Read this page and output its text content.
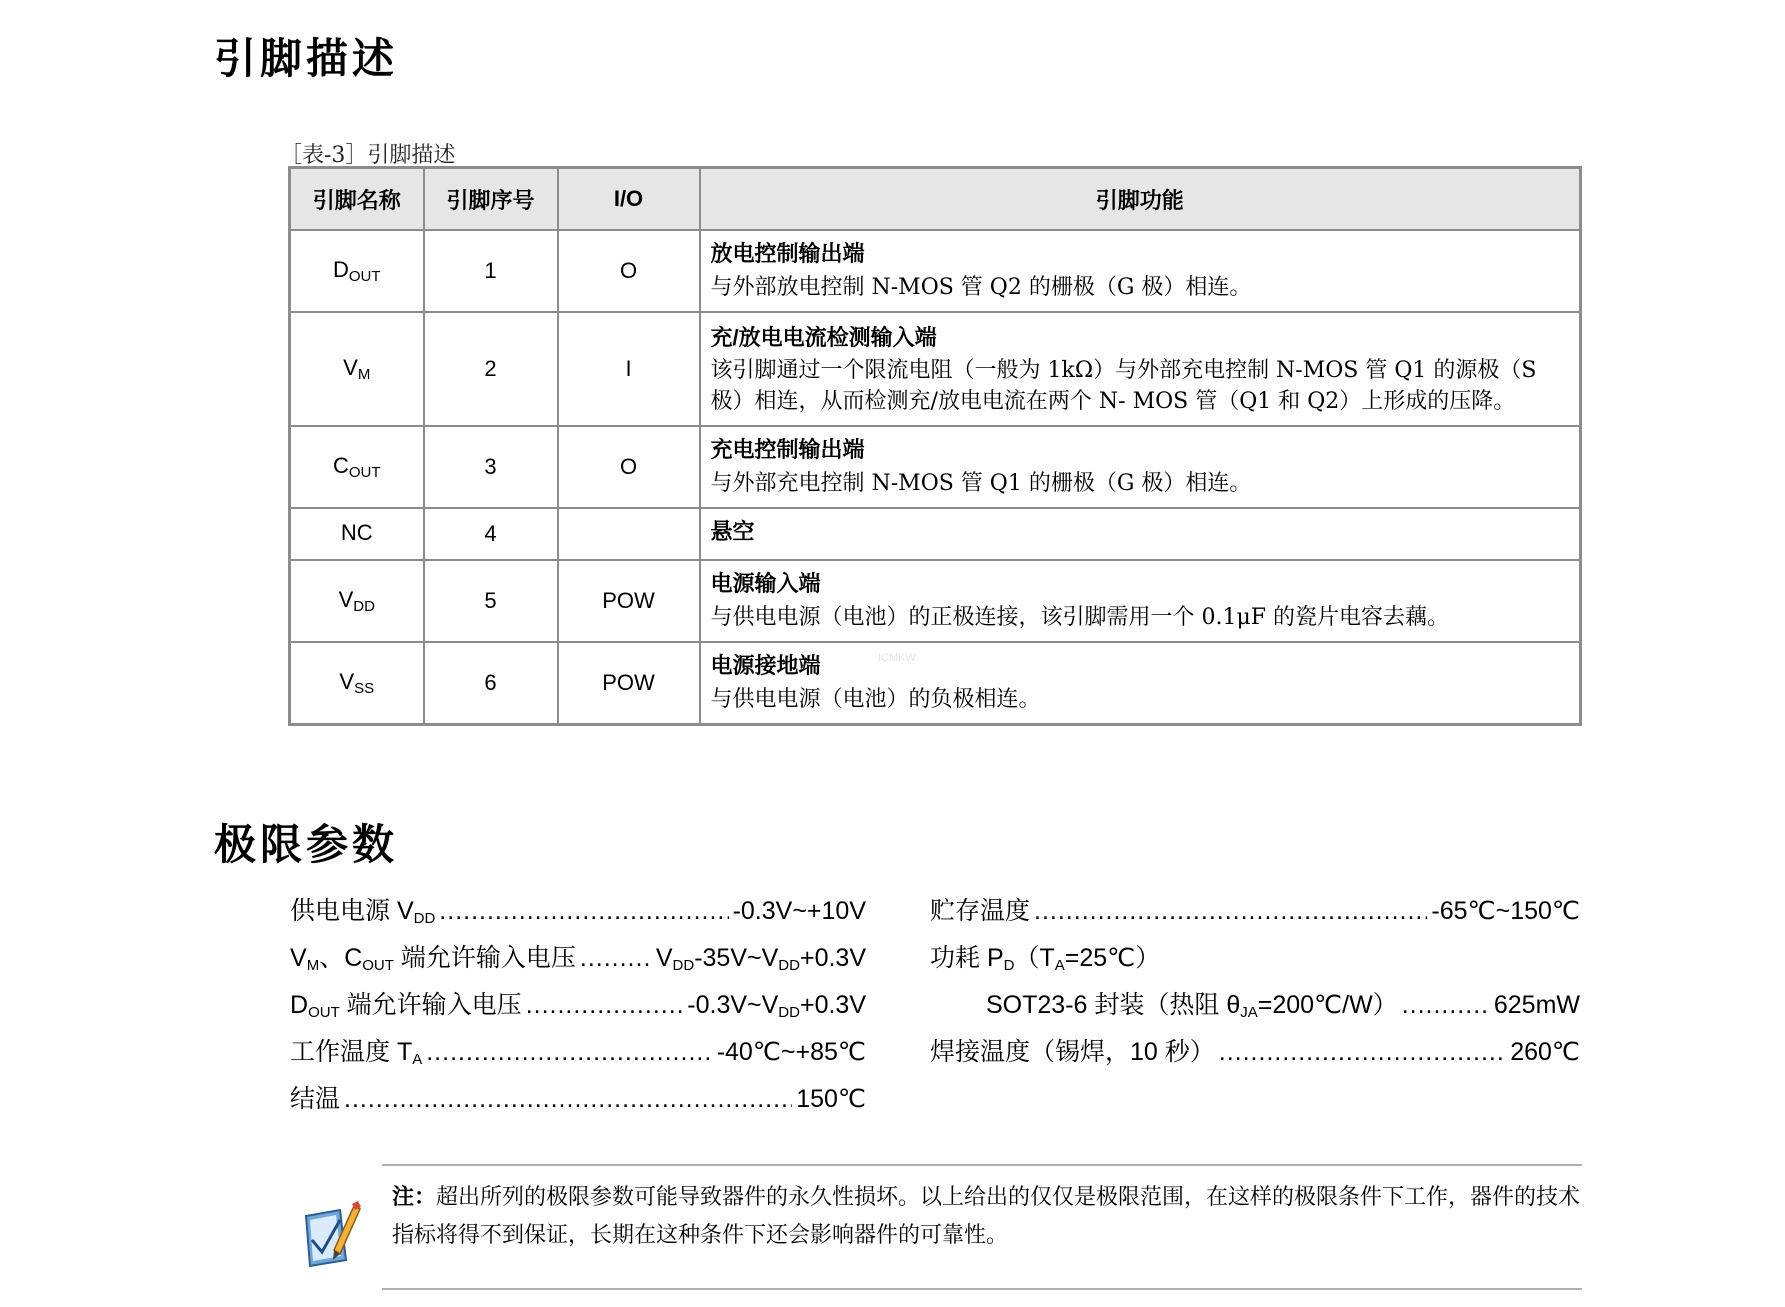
引脚描述
［表-3］引脚描述
引脚名称	引脚序号	I/O	引脚功能
$D_{OUT}$	1	O	放电控制输出端
与外部放电控制 N-MOS 管 Q2 的栅极（G 极）相连。

$V_M$	2	I	充/放电电流检测输入端
该引脚通过一个限流电阻（一般为 1kΩ）与外部充电控制 N-MOS 管 Q1 的源极（S 极）相连，从而检测充/放电电流在两个 N- MOS 管（Q1 和 Q2）上形成的压降。

$C_{OUT}$	3	O	充电控制输出端
与外部充电控制 N-MOS 管 Q1 的栅极（G 极）相连。

NC	4		悬空

$V_{DD}$	5	POW	电源输入端
与供电电源（电池）的正极连接，该引脚需用一个 0.1μF 的瓷片电容去藕。

$V_{SS}$	6	POW	电源接地端
与供电电源（电池）的负极相连。
ICMKW
极限参数
供电电源 $V_{DD}$ .....	-0.3V~+10V
$V_M$、$C_{OUT}$ 端允许输入电压 .....	$V_{DD}-35V\sim V_{DD}+0.3V$
$D_{OUT}$ 端允许输入电压 .....	$-0.3V\sim V_{DD}+0.3V$
工作温度 $T_A$ .....	-40℃~+85℃
结温 .....	150℃
贮存温度 .....	-65℃~150℃
功耗 $P_D(T_A=25℃)$
SOT23-6 封装（热阻 $\theta_{JA}=200℃/W$） .....	625mW
焊接温度（锡焊，10 秒） .....	260℃
注：超出所列的极限参数可能导致器件的永久性损坏。以上给出的仅仅是极限范围，在这样的极限条件下工作，器件的技术指标将得不到保证，长期在这种条件下还会影响器件的可靠性。
